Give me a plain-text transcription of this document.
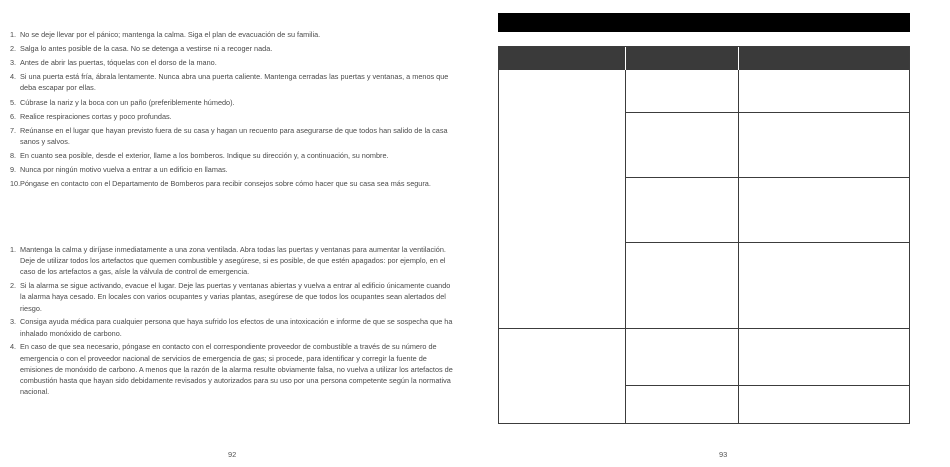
1. No se deje llevar por el pánico; mantenga la calma. Siga el plan de evacuación de su familia.
2. Salga lo antes posible de la casa. No se detenga a vestirse ni a recoger nada.
3. Antes de abrir las puertas, tóquelas con el dorso de la mano.
4. Si una puerta está fría, ábrala lentamente. Nunca abra una puerta caliente. Mantenga cerradas las puertas y ventanas, a menos que deba escapar por ellas.
5. Cúbrase la nariz y la boca con un paño (preferiblemente húmedo).
6. Realice respiraciones cortas y poco profundas.
7. Reúnanse en el lugar que hayan previsto fuera de su casa y hagan un recuento para asegurarse de que todos han salido de la casa sanos y salvos.
8. En cuanto sea posible, desde el exterior, llame a los bomberos. Indique su dirección y, a continuación, su nombre.
9. Nunca por ningún motivo vuelva a entrar a un edificio en llamas.
10. Póngase en contacto con el Departamento de Bomberos para recibir consejos sobre cómo hacer que su casa sea más segura.
1. Mantenga la calma y diríjase inmediatamente a una zona ventilada. Abra todas las puertas y ventanas para aumentar la ventilación. Deje de utilizar todos los artefactos que quemen combustible y asegúrese, si es posible, de que estén apagados: por ejemplo, en el caso de los artefactos a gas, aísle la válvula de control de emergencia.
2. Si la alarma se sigue activando, evacue el lugar. Deje las puertas y ventanas abiertas y vuelva a entrar al edificio únicamente cuando la alarma haya cesado. En locales con varios ocupantes y varias plantas, asegúrese de que todos los ocupantes sean alertados del riesgo.
3. Consiga ayuda médica para cualquier persona que haya sufrido los efectos de una intoxicación e informe de que se sospecha que ha inhalado monóxido de carbono.
4. En caso de que sea necesario, póngase en contacto con el correspondiente proveedor de combustible a través de su número de emergencia o con el proveedor nacional de servicios de emergencia de gas; si procede, para identificar y corregir la fuente de emisiones de monóxido de carbono. A menos que la razón de la alarma resulte obviamente falsa, no vuelva a utilizar los artefactos de combustión hasta que hayan sido debidamente revisados y autorizados para su uso por una persona competente según la normativa nacional.
92	93
